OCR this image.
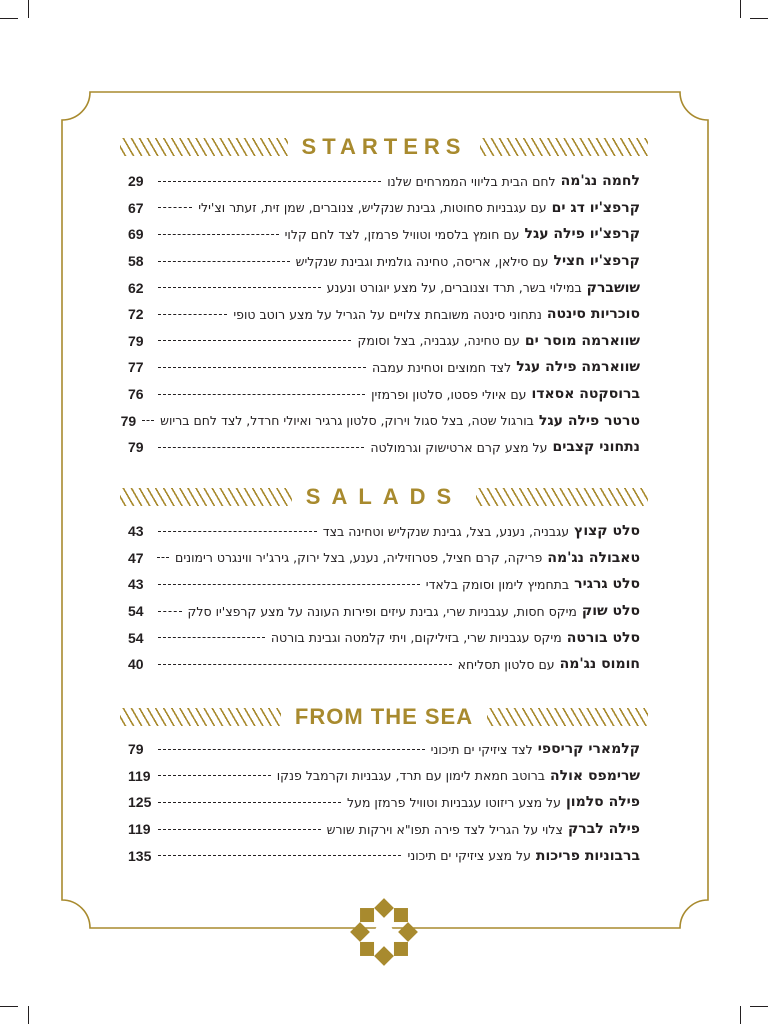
STARTERS
לחמה נג'מה
לחם הבית בליווי הממרחים שלנו
29
קרפצ'יו דג ים
עם עגבניות סחוטות, גבינת שנקליש, צנוברים, שמן זית, זעתר וצ'ילי
67
קרפצ'יו פילה עגל
עם חומץ בלסמי וטוויל פרמזן, לצד לחם קלוי
69
קרפצ'יו חציל
עם סילאן, אריסה, טחינה גולמית וגבינת שנקליש
58
שושברק
במילוי בשר, תרד וצנוברים, על מצע יוגורט ונענע
62
סוכריות סינטה
נתחוני סינטה משובחת צלויים על הגריל על מצע רוטב טופי
72
שווארמה מוסר ים
עם טחינה, עגבניה, בצל וסומק
79
שווארמה פילה עגל
לצד חמוצים וטחינת עמבה
77
ברוסקטה אסאדו
עם איולי פסטו, סלטון ופרמזין
76
טרטר פילה עגל
בורגול שטה, בצל סגול וירוק, סלטון גרגיר ואיולי חרדל, לצד לחם בריוש
79
נתחוני קצבים
על מצע קרם ארטישוק וגרמולטה
79
SALADS
סלט קצוץ
עגבניה, נענע, בצל, גבינת שנקליש וטחינה בצד
43
טאבולה נג'מה
פריקה, קרם חציל, פטרוזיליה, נענע, בצל ירוק, גירג'יר ווינגרט רימונים
47
סלט גרגיר
בתחמיץ לימון וסומק בלאדי
43
סלט שוק
מיקס חסות, עגבניות שרי, גבינת עיזים ופירות העונה על מצע קרפצ'יו סלק
54
סלט בורטה
מיקס עגבניות שרי, בזיליקום, ויתי קלמטה וגבינת בורטה
54
חומוס נג'מה
עם סלטון תסליחא
40
FROM THE SEA
קלמארי קריספי
לצד ציזיקי ים תיכוני
79
שרימפס אולה
ברוטב חמאת לימון עם תרד, עגבניות וקרמבל פנקו
119
פילה סלמון
על מצע ריזוטו עגבניות וטוויל פרמזן מעל
125
פילה לברק
צלוי על הגריל לצד פירה תפו"א וירקות שורש
119
ברבוניות פריכות
על מצע ציזיקי ים תיכוני
135
